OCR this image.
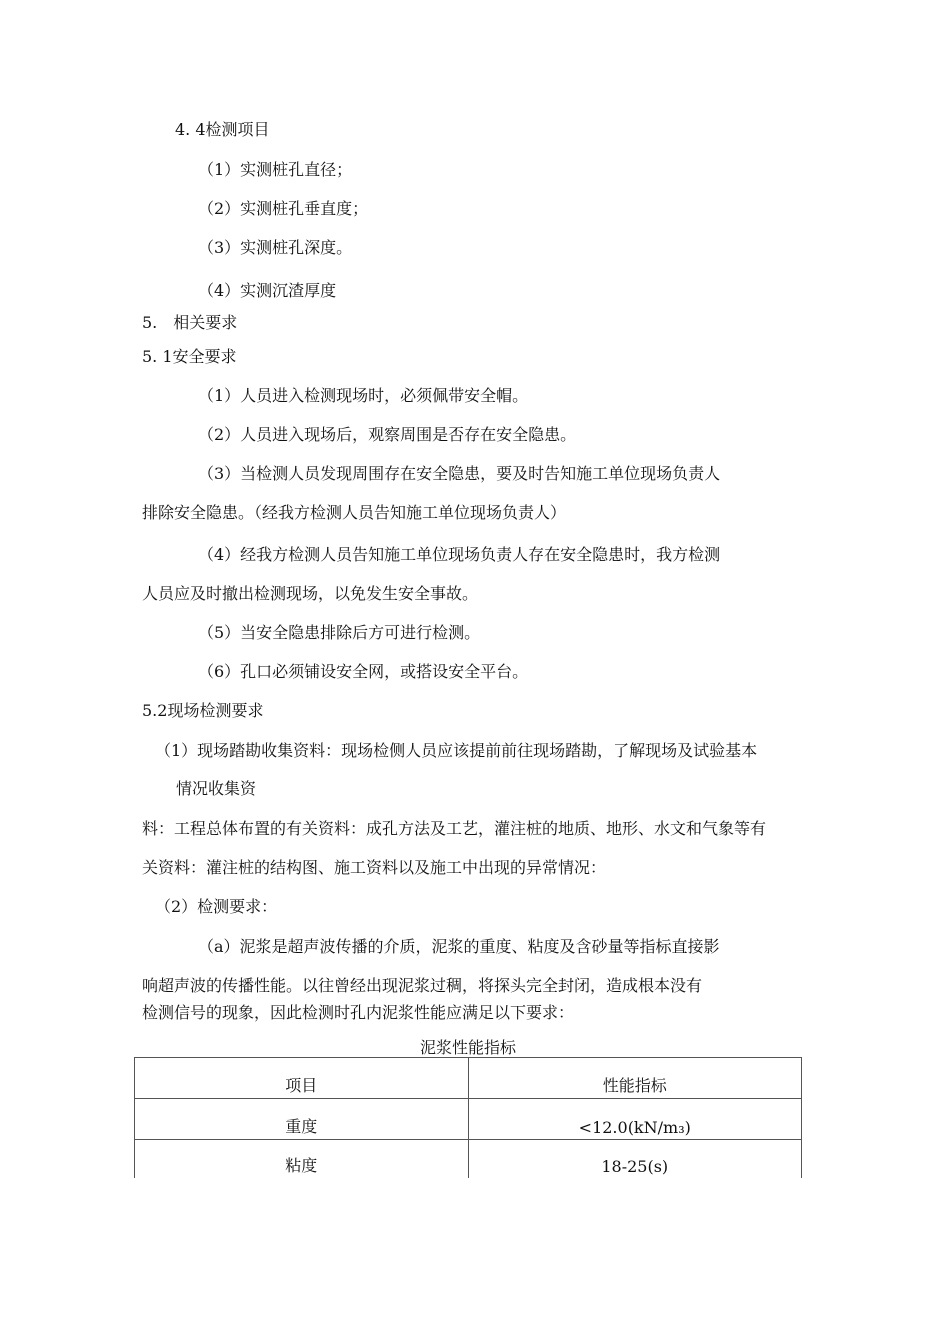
4. 4检测项目
（1）实测桩孔直径；
（2）实测桩孔垂直度；
（3）实测桩孔深度。
（4）实测沉渣厚度
5.　相关要求
5. 1安全要求
（1）人员进入检测现场时，必须佩带安全帽。
（2）人员进入现场后，观察周围是否存在安全隐患。
（3）当检测人员发现周围存在安全隐患，要及时告知施工单位现场负责人
排除安全隐患。（经我方检测人员告知施工单位现场负责人）
（4）经我方检测人员告知施工单位现场负责人存在安全隐患时，我方检测
人员应及时撤出检测现场，以免发生安全事故。
（5）当安全隐患排除后方可进行检测。
（6）孔口必须铺设安全网，或搭设安全平台。
5.2现场检测要求
（1）现场踏勘收集资料：现场检侧人员应该提前前往现场踏勘，了解现场及试验基本
情况收集资
料：工程总体布置的有关资料：成孔方法及工艺，灌注桩的地质、地形、水文和气象等有
关资料：灌注桩的结构图、施工资料以及施工中出现的异常情况：
（2）检测要求：
（a）泥浆是超声波传播的介质，泥浆的重度、粘度及含砂量等指标直接影
响超声波的传播性能。以往曾经出现泥浆过稠，将探头完全封闭，造成根本没有
检测信号的现象，因此检测时孔内泥浆性能应满足以下要求：
泥浆性能指标
项目	性能指标
重度	<12.0(kN/m₃)
粘度	18-25(s)
